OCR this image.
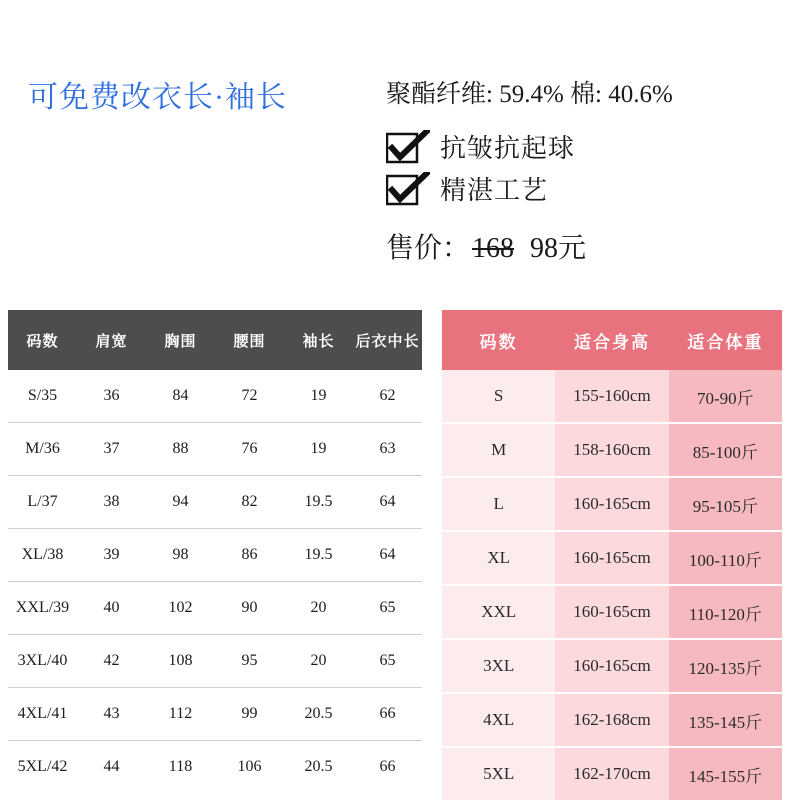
可免费改衣长·袖长	聚酯纤维: 59.4% 棉: 40.6%
抗皱抗起球
精湛工艺
售价： 168 98元
码数	肩宽	胸围	腰围	袖长	后衣中长
S/35	36	84	72	19	62
M/36	37	88	76	19	63
L/37	38	94	82	19.5	64
XL/38	39	98	86	19.5	64
XXL/39	40	102	90	20	65
3XL/40	42	108	95	20	65
4XL/41	43	112	99	20.5	66
5XL/42	44	118	106	20.5	66
码数	适合身高	适合体重
S	155-160cm	70-90斤
M	158-160cm	85-100斤
L	160-165cm	95-105斤
XL	160-165cm	100-110斤
XXL	160-165cm	110-120斤
3XL	160-165cm	120-135斤
4XL	162-168cm	135-145斤
5XL	162-170cm	145-155斤
